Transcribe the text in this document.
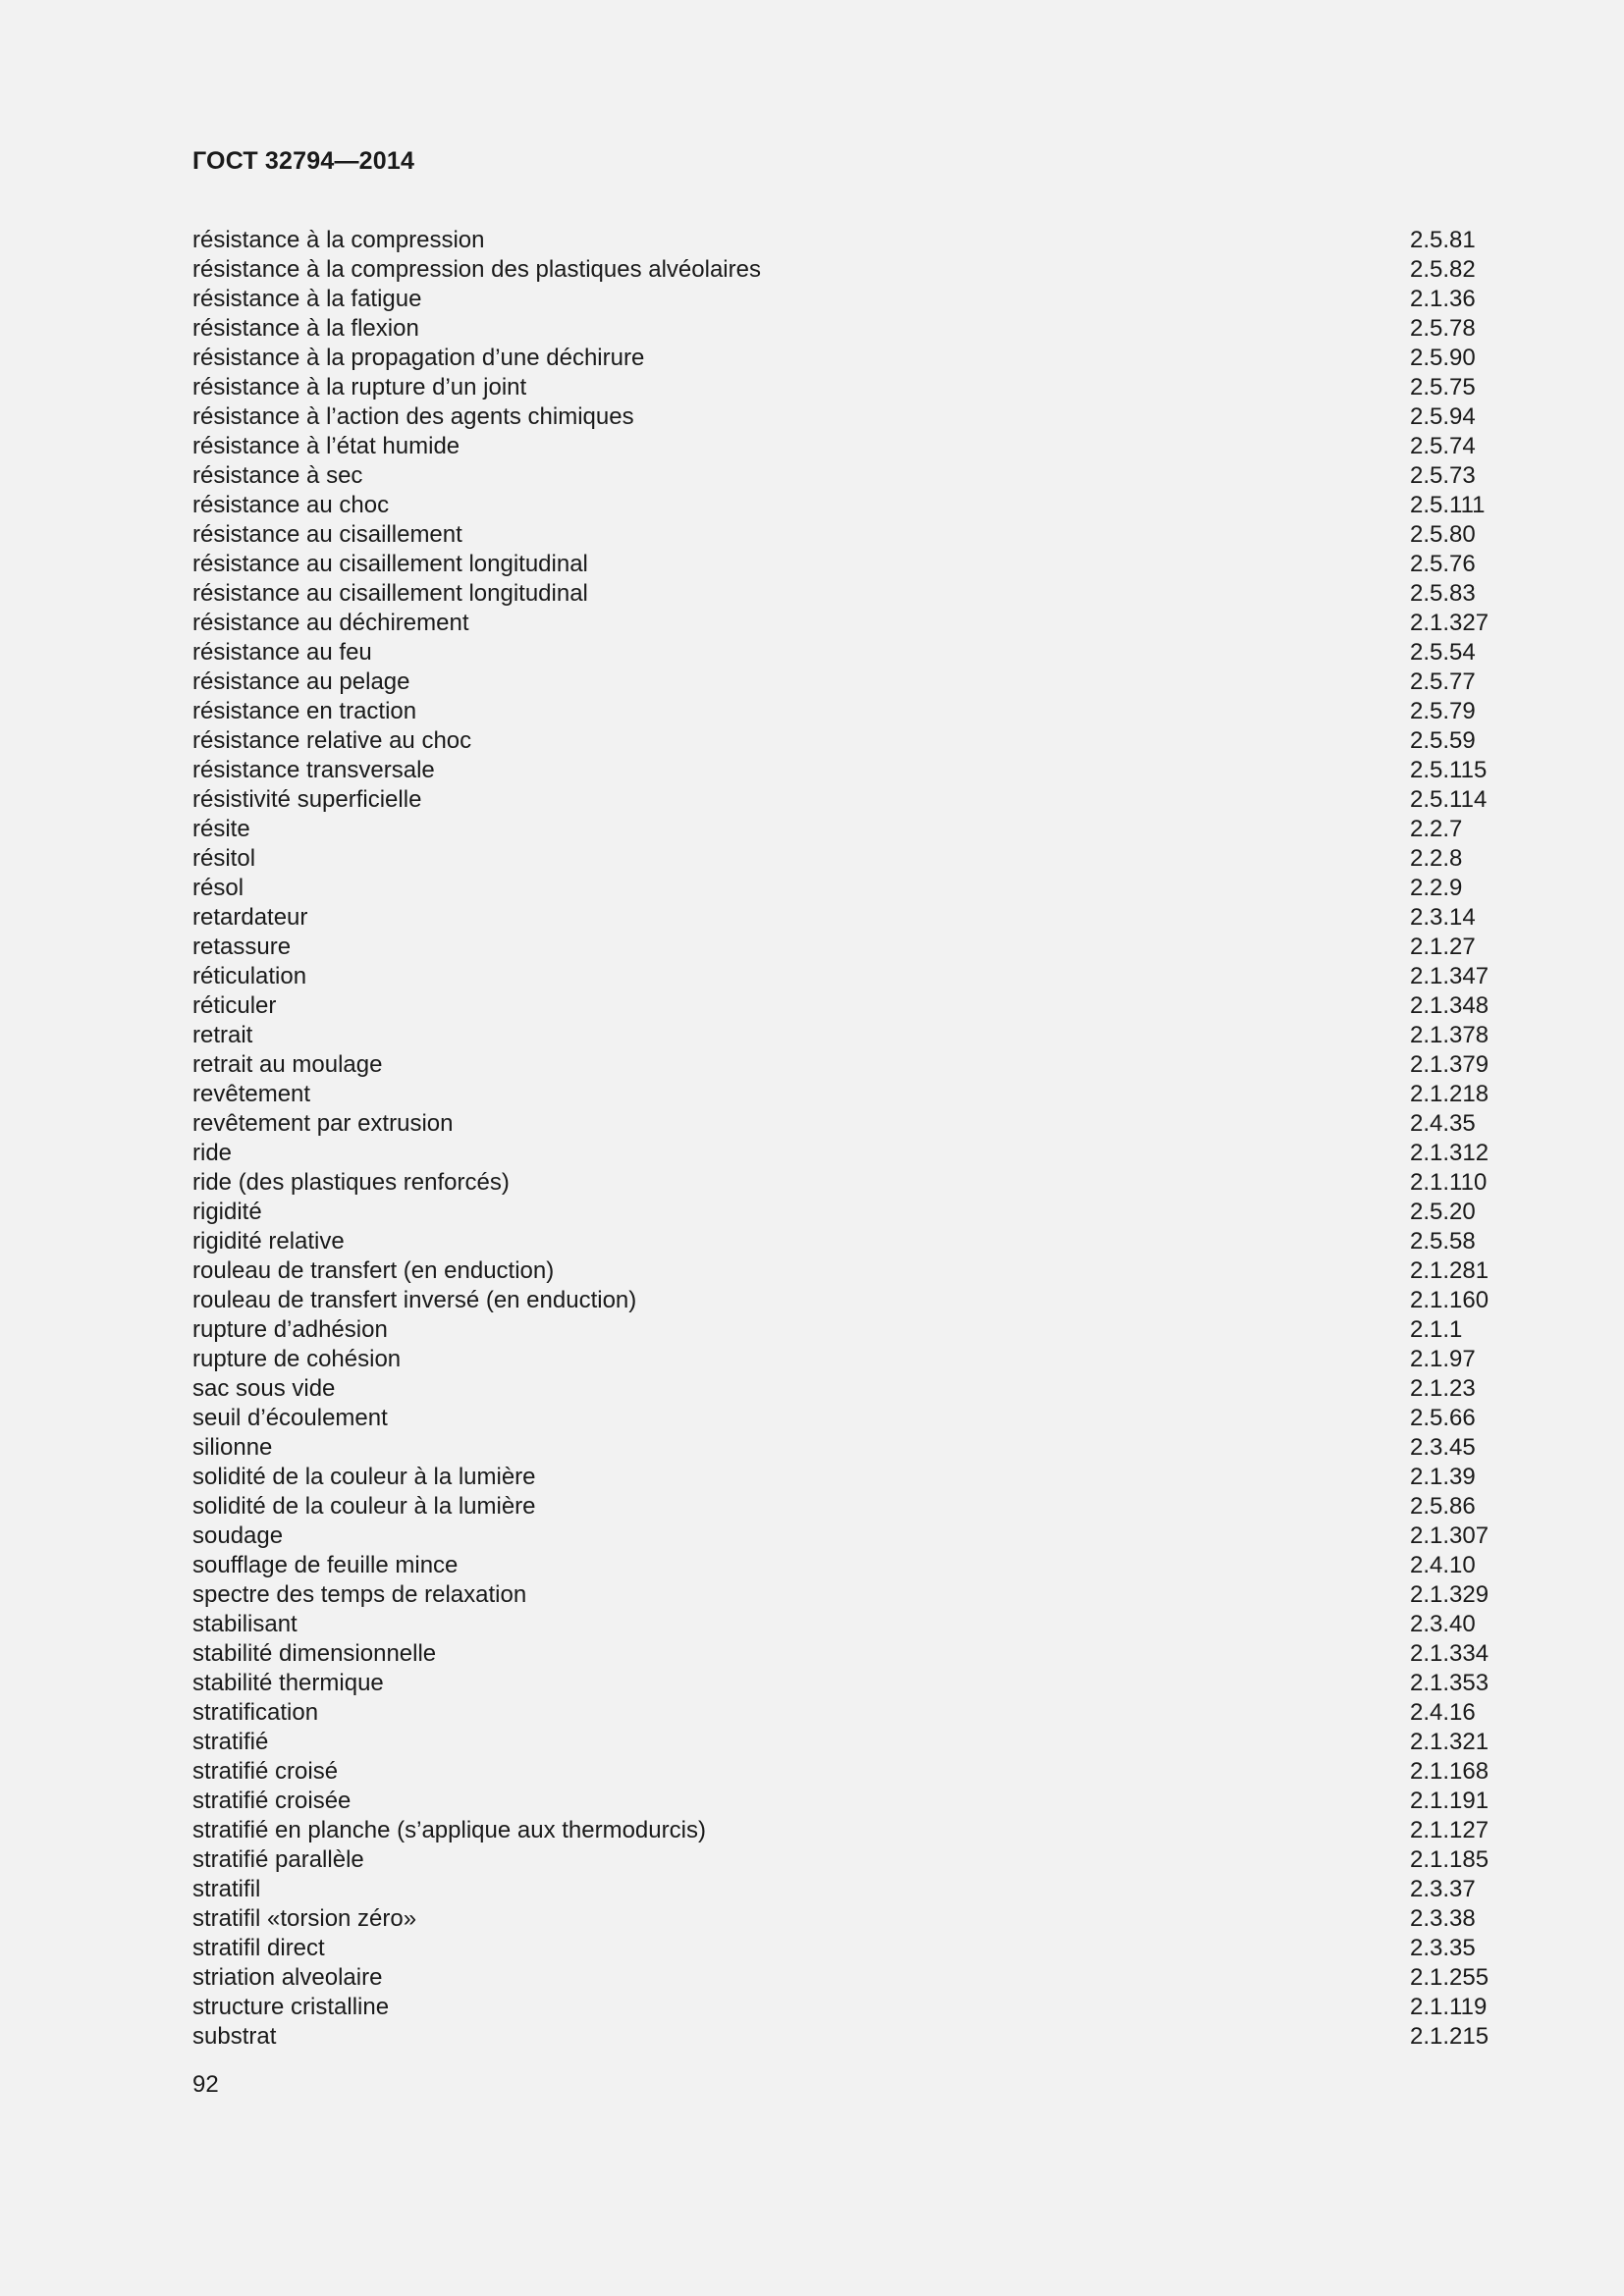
ГОСТ 32794—2014
résistance à la compression	2.5.81
résistance à la compression des plastiques alvéolaires	2.5.82
résistance à la fatigue	2.1.36
résistance à la flexion	2.5.78
résistance à la propagation d’une déchirure	2.5.90
résistance à la rupture d’un joint	2.5.75
résistance à l’action des agents chimiques	2.5.94
résistance à l’état humide	2.5.74
résistance à sec	2.5.73
résistance au choc	2.5.111
résistance au cisaillement	2.5.80
résistance au cisaillement longitudinal	2.5.76
résistance au cisaillement longitudinal	2.5.83
résistance au déchirement	2.1.327
résistance au feu	2.5.54
résistance au pelage	2.5.77
résistance en traction	2.5.79
résistance relative au choc	2.5.59
résistance transversale	2.5.115
résistivité superficielle	2.5.114
résite	2.2.7
résitol	2.2.8
résol	2.2.9
retardateur	2.3.14
retassure	2.1.27
réticulation	2.1.347
réticuler	2.1.348
retrait	2.1.378
retrait au moulage	2.1.379
revêtement	2.1.218
revêtement par extrusion	2.4.35
ride	2.1.312
ride (des plastiques renforcés)	2.1.110
rigidité	2.5.20
rigidité relative	2.5.58
rouleau de transfert (en enduction)	2.1.281
rouleau de transfert inversé (en enduction)	2.1.160
rupture d’adhésion	2.1.1
rupture de cohésion	2.1.97
sac sous vide	2.1.23
seuil d’écoulement	2.5.66
silionne	2.3.45
solidité de la couleur à la lumière	2.1.39
solidité de la couleur à la lumière	2.5.86
soudage	2.1.307
soufflage de feuille mince	2.4.10
spectre des temps de relaxation	2.1.329
stabilisant	2.3.40
stabilité dimensionnelle	2.1.334
stabilité thermique	2.1.353
stratification	2.4.16
stratifié	2.1.321
stratifié croisé	2.1.168
stratifié croisée	2.1.191
stratifié en planche (s’applique aux thermodurcis)	2.1.127
stratifié parallèle	2.1.185
stratifil	2.3.37
stratifil «torsion zéro»	2.3.38
stratifil direct	2.3.35
striation alveolaire	2.1.255
structure cristalline	2.1.119
substrat	2.1.215
92
